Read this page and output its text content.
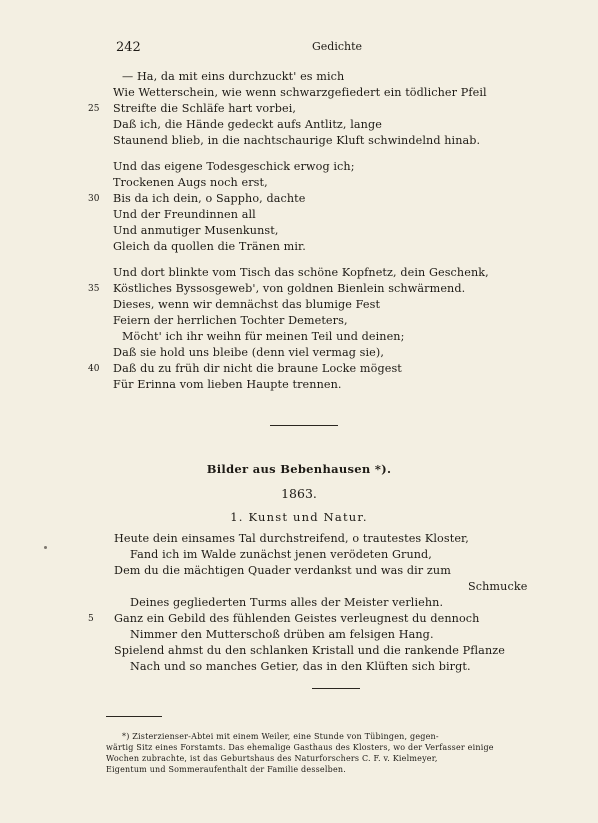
242	Gedichte
— Ha, da mit eins durchzuckt' es mich
Wie Wetterschein, wie wenn schwarzgefiedert ein tödlicher Pfeil
25 Streifte die Schläfe hart vorbei,
Daß ich, die Hände gedeckt aufs Antlitz, lange
Staunend blieb, in die nachtschaurige Kluft schwindelnd hinab.
Und das eigene Todesgeschick erwog ich;
Trockenen Augs noch erst,
30 Bis da ich dein, o Sappho, dachte
Und der Freundinnen all
Und anmutiger Musenkunst,
Gleich da quollen die Tränen mir.
Und dort blinkte vom Tisch das schöne Kopfnetz, dein Geschenk,
35 Köstliches Byssosgeweb', von goldnen Bienlein schwärmend.
Dieses, wenn wir demnächst das blumige Fest
Feiern der herrlichen Tochter Demeters,
Möcht' ich ihr weihn für meinen Teil und deinen;
Daß sie hold uns bleibe (denn viel vermag sie),
40 Daß du zu früh dir nicht die braune Locke mögest
Für Erinna vom lieben Haupte trennen.
Bilder aus Bebenhausen *).
1863.
1. Kunst und Natur.
Heute dein einsames Tal durchstreifend, o trautestes Kloster,
Fand ich im Walde zunächst jenen verödeten Grund,
Dem du die mächtigen Quader verdankst und was dir zum
Schmucke
Deines gegliederten Turms alles der Meister verliehn.
5 Ganz ein Gebild des fühlenden Geistes verleugnest du dennoch
Nimmer den Mutterschoß drüben am felsigen Hang.
Spielend ahmst du den schlanken Kristall und die rankende Pflanze
Nach und so manches Getier, das in den Klüften sich birgt.
*) Zisterzienser-Abtei mit einem Weiler, eine Stunde von Tübingen, gegen-
wärtig Sitz eines Forstamts. Das ehemalige Gasthaus des Klosters, wo der Verfasser einige
Wochen zubrachte, ist das Geburtshaus des Naturforschers C. F. v. Kielmeyer,
Eigentum und Sommeraufenthalt der Familie desselben.
